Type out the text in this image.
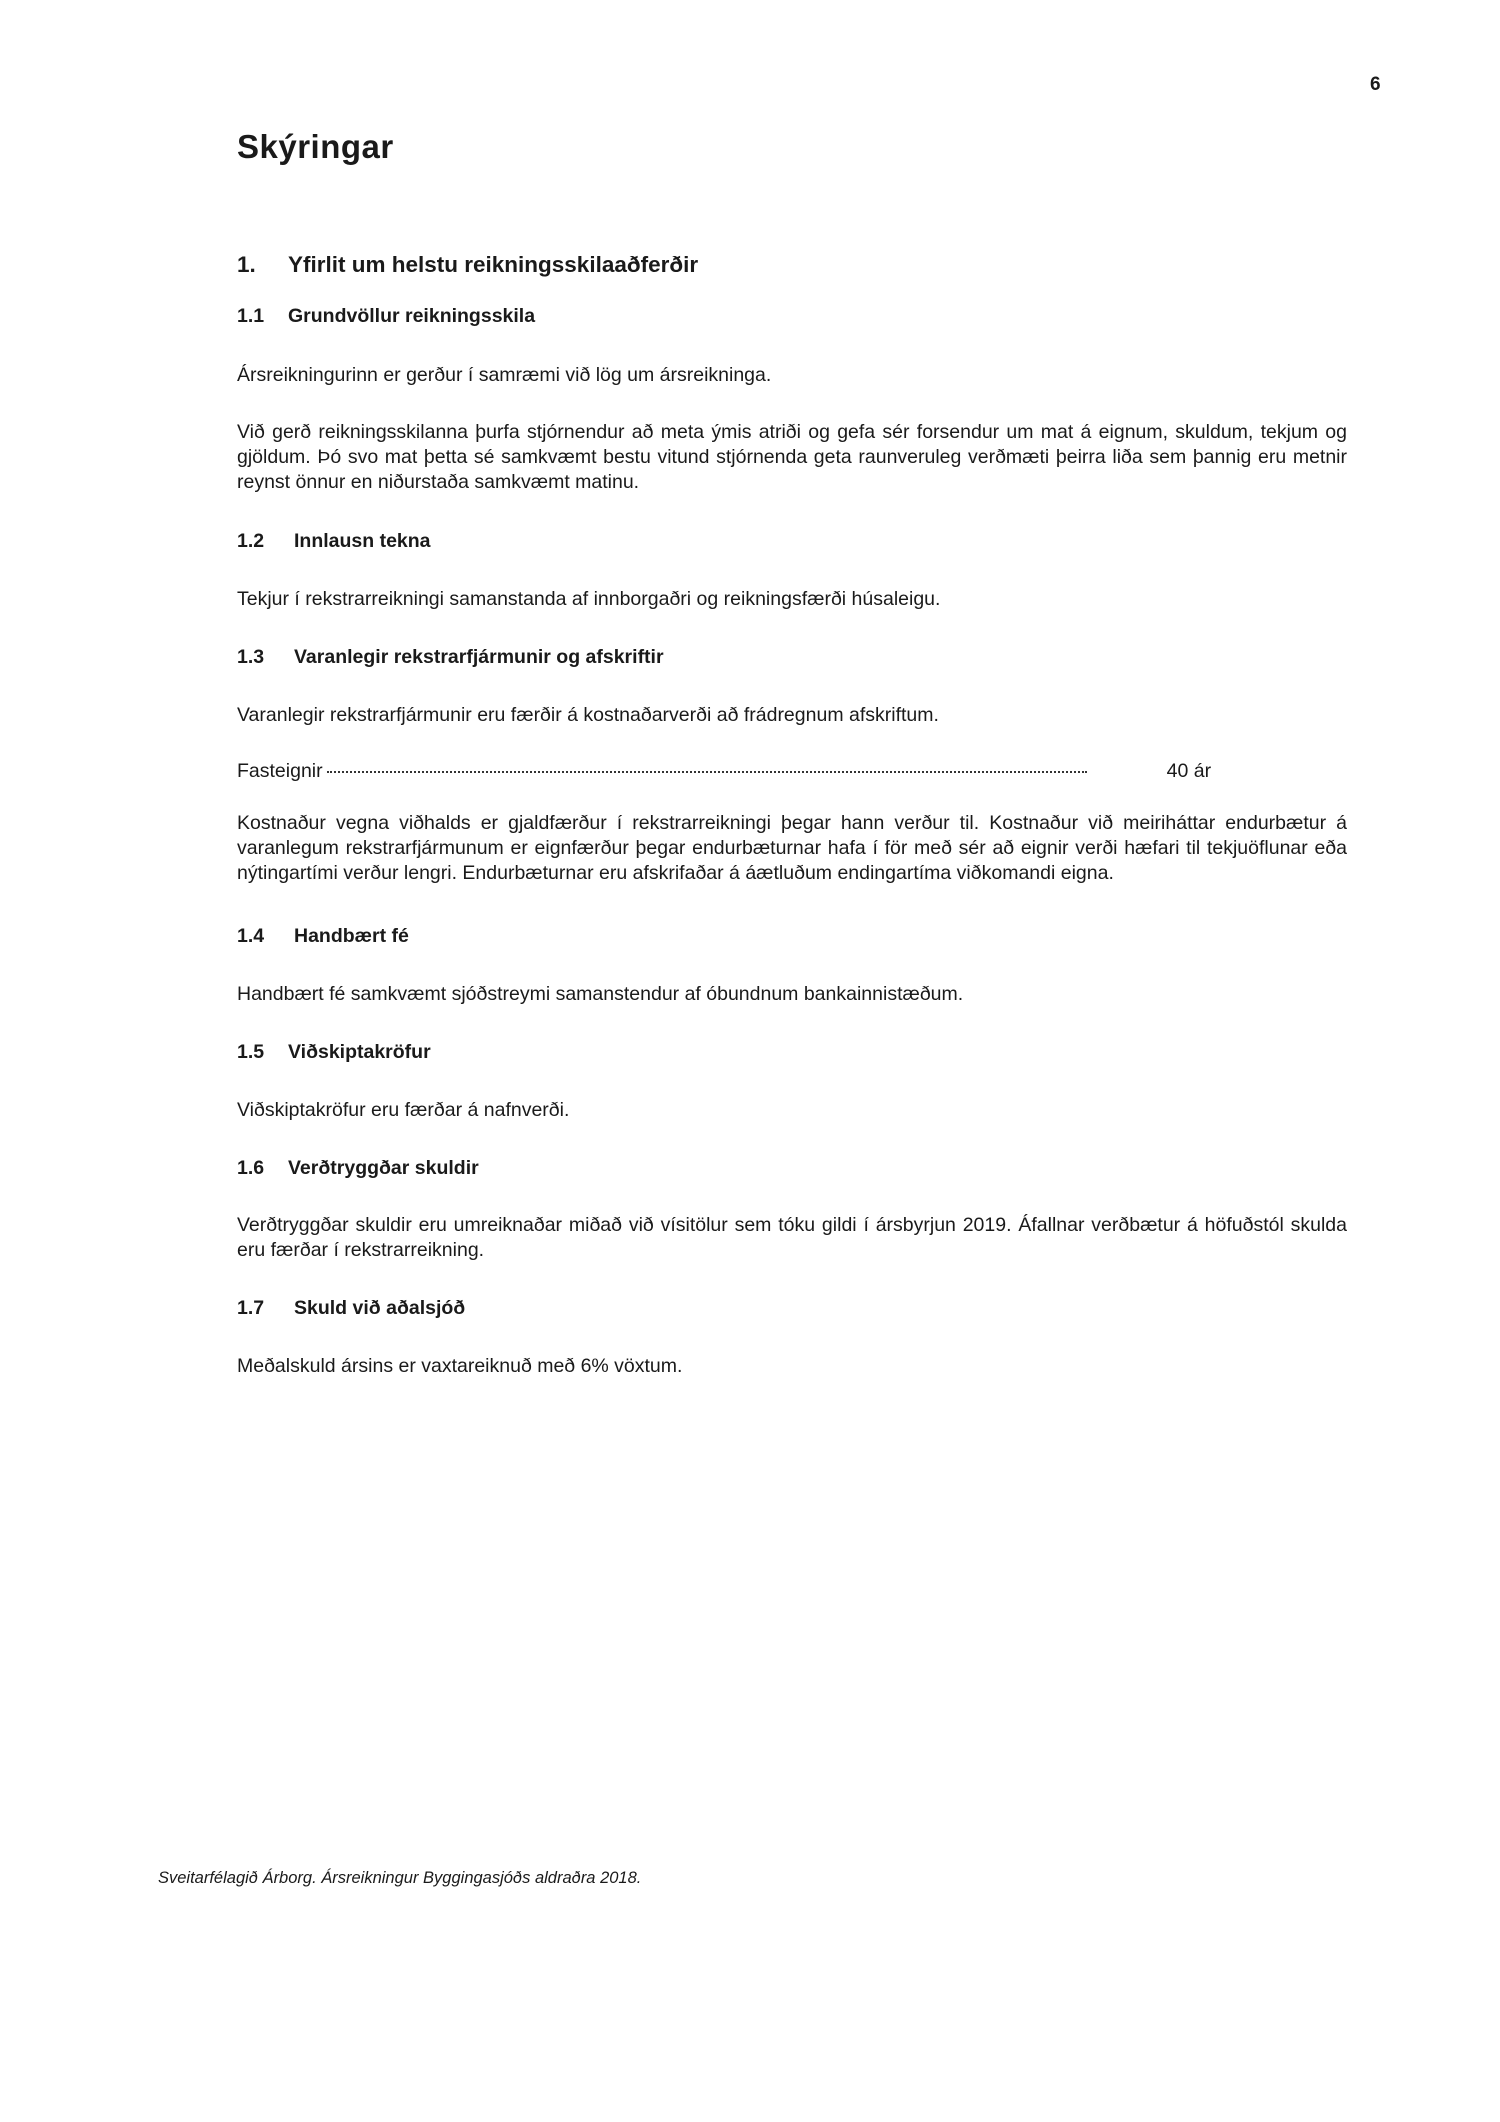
6
Skýringar

1.	Yfirlit um helstu reikningsskilaaðferðir

1.1	Grundvöllur reikningsskila

Ársreikningurinn er gerður í samræmi við lög um ársreikninga.

Við gerð reikningsskilanna þurfa stjórnendur að meta ýmis atriði og gefa sér forsendur um mat á eignum, skuldum, tekjum og gjöldum. Þó svo mat þetta sé samkvæmt bestu vitund stjórnenda geta raunveruleg verðmæti þeirra liða sem þannig eru metnir reynst önnur en niðurstaða samkvæmt matinu.

1.2	Innlausn tekna

Tekjur í rekstrarreikningi samanstanda af innborgaðri og reikningsfærði húsaleigu.

1.3	Varanlegir rekstrarfjármunir og afskriftir

Varanlegir rekstrarfjármunir eru færðir á kostnaðarverði að frádregnum afskriftum.

Fasteignir	40 ár

Kostnaður vegna viðhalds er gjaldfærður í rekstrarreikningi þegar hann verður til. Kostnaður við meiriháttar endurbætur á varanlegum rekstrarfjármunum er eignfærður þegar endurbæturnar hafa í för með sér að eignir verði hæfari til tekjuöflunar eða nýtingartími verður lengri. Endurbæturnar eru afskrifaðar á áætluðum endingartíma viðkomandi eigna.

1.4	Handbært fé

Handbært fé samkvæmt sjóðstreymi samanstendur af óbundnum bankainnistæðum.

1.5	Viðskiptakröfur

Viðskiptakröfur eru færðar á nafnverði.

1.6	Verðtryggðar skuldir

Verðtryggðar skuldir eru umreiknaðar miðað við vísitölur sem tóku gildi í ársbyrjun 2019. Áfallnar verðbætur á höfuðstól skulda eru færðar í rekstrarreikning.

1.7	Skuld við aðalsjóð

Meðalskuld ársins er vaxtareiknuð með 6% vöxtum.

Sveitarfélagið Árborg. Ársreikningur Byggingasjóðs aldraðra 2018.
